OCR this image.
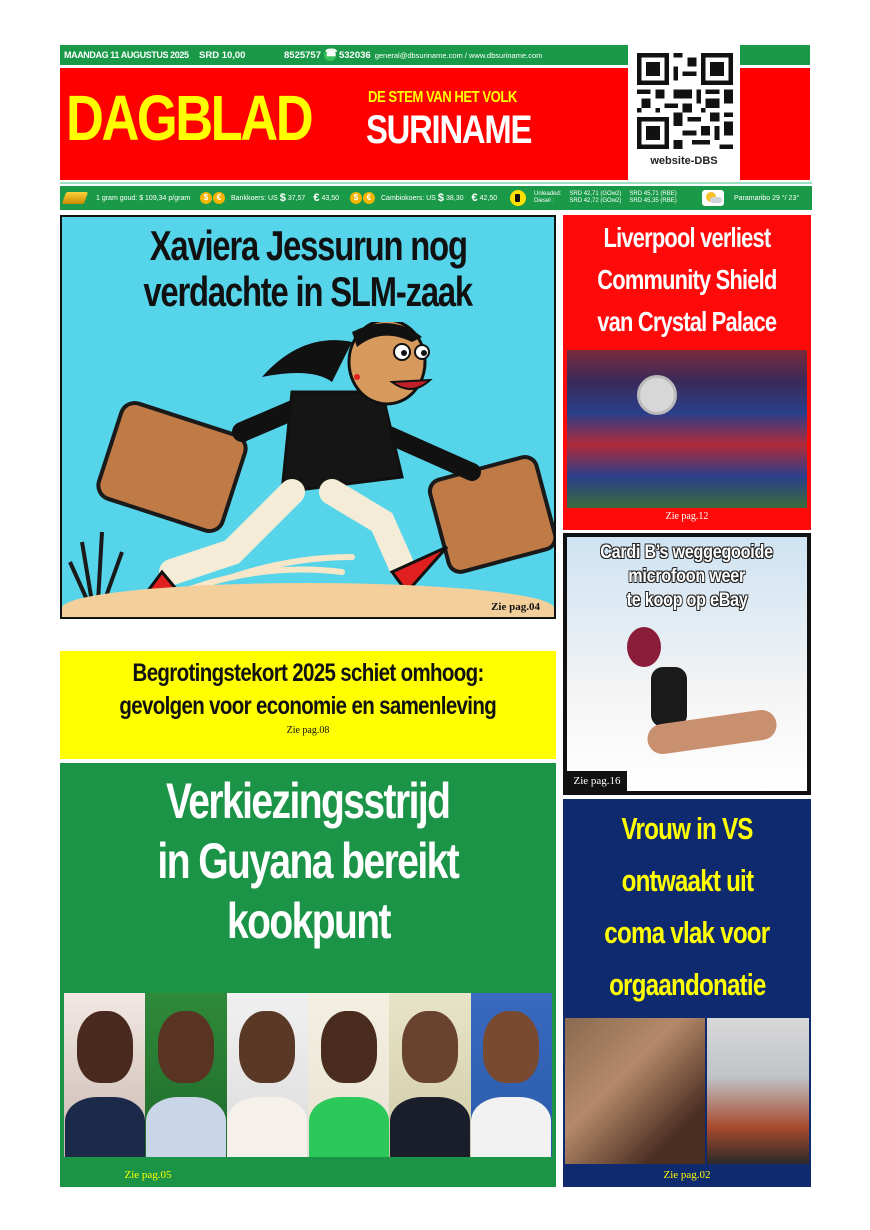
MAANDAG 11 AUGUSTUS 2025	SRD 10,00	8525757 ☎ 532036 general@dbsuriname.com / www.dbsuriname.com
DAGBLAD	DE STEM VAN HET VOLK
SURINAME
website-DBS
1 gram goud: $ 109,34 p/gram	$	€	Bankkoers: US $ 37,57 € 43,50	$	€	Cambiokoers: US $ 38,30 € 42,50
Unleaded:
Diesel :
SRD 42,71 (GOw2)
SRD 42,72 (GOw2)
SRD 45,71 (RBE)
SRD 45,35 (RBE)	Paramaribo 29 °/ 23°
Xaviera Jessurun nog
verdachte in SLM-zaak
Zie pag.04
Begrotingstekort 2025 schiet omhoog:
gevolgen voor economie en samenleving
Zie pag.08
Verkiezingsstrijd
in Guyana bereikt
kookpunt
Zie pag.05
Liverpool verliest
Community Shield
van Crystal Palace
Zie pag.12
Cardi B’s weggegooide
microfoon weer
te koop op eBay
Zie pag.16
Vrouw in VS
ontwaakt uit
coma vlak voor
orgaandonatie
Zie pag.02
